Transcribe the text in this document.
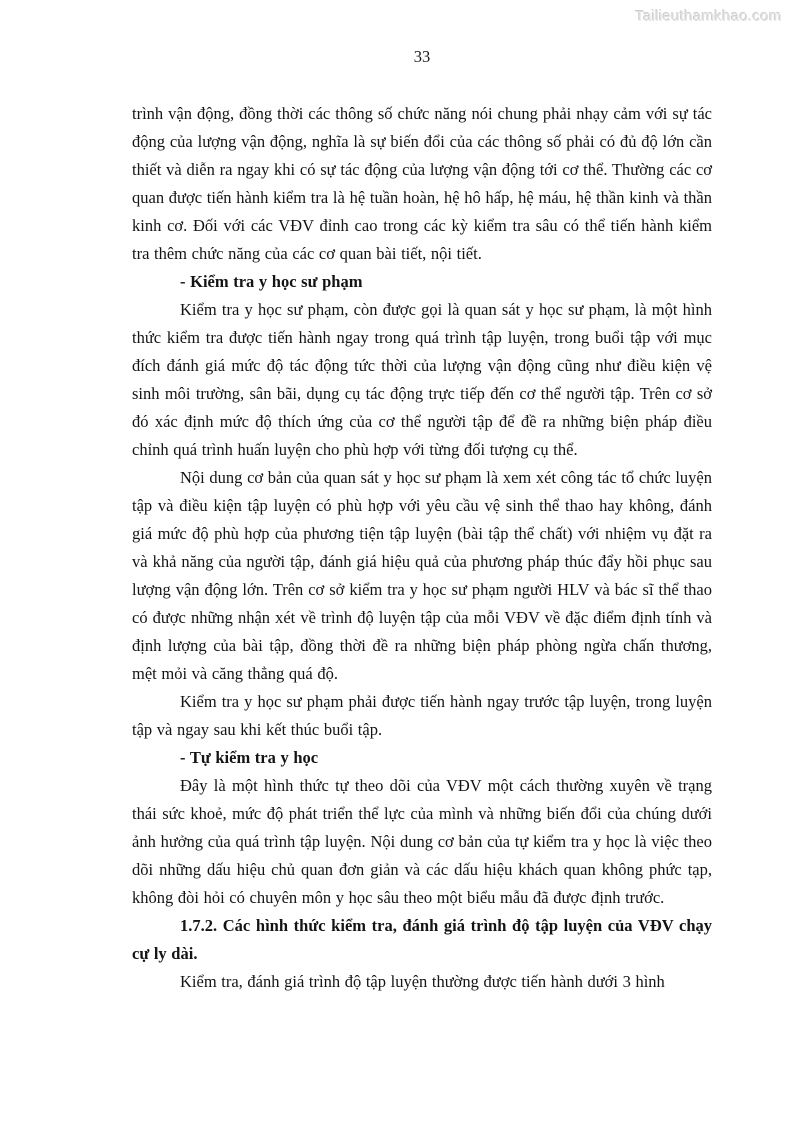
Tailieuthamkhao.com
33

trình vận động, đồng thời các thông số chức năng nói chung phải nhạy cảm với sự tác động của lượng vận động, nghĩa là sự biến đổi của các thông số phải có đủ độ lớn cần thiết và diễn ra ngay khi có sự tác động của lượng vận động tới cơ thể. Thường các cơ quan được tiến hành kiểm tra là hệ tuần hoàn, hệ hô hấp, hệ máu, hệ thần kinh và thần kinh cơ. Đối với các VĐV đỉnh cao trong các kỳ kiểm tra sâu có thể tiến hành kiểm tra thêm chức năng của các cơ quan bài tiết, nội tiết.

- Kiểm tra y học sư phạm

Kiểm tra y học sư phạm, còn được gọi là quan sát y học sư phạm, là một hình thức kiểm tra được tiến hành ngay trong quá trình tập luyện, trong buổi tập với mục đích đánh giá mức độ tác động tức thời của lượng vận động cũng như điều kiện vệ sinh môi trường, sân bãi, dụng cụ tác động trực tiếp đến cơ thể người tập. Trên cơ sở đó xác định mức độ thích ứng của cơ thể người tập để đề ra những biện pháp điều chỉnh quá trình huấn luyện cho phù hợp với từng đối tượng cụ thể.

Nội dung cơ bản của quan sát y học sư phạm là xem xét công tác tổ chức luyện tập và điều kiện tập luyện có phù hợp với yêu cầu vệ sinh thể thao hay không, đánh giá mức độ phù hợp của phương tiện tập luyện (bài tập thể chất) với nhiệm vụ đặt ra và khả năng của người tập, đánh giá hiệu quả của phương pháp thúc đẩy hồi phục sau lượng vận động lớn. Trên cơ sở kiểm tra y học sư phạm người HLV và bác sĩ thể thao có được những nhận xét về trình độ luyện tập của mỗi VĐV về đặc điểm định tính và định lượng của bài tập, đồng thời đề ra những biện pháp phòng ngừa chấn thương, mệt mỏi và căng thẳng quá độ.

Kiểm tra y học sư phạm phải được tiến hành ngay trước tập luyện, trong luyện tập và ngay sau khi kết thúc buổi tập.

- Tự kiểm tra y học

Đây là một hình thức tự theo dõi của VĐV một cách thường xuyên về trạng thái sức khoẻ, mức độ phát triển thể lực của mình và những biến đổi của chúng dưới ảnh hưởng của quá trình tập luyện. Nội dung cơ bản của tự kiểm tra y học là việc theo dõi những dấu hiệu chủ quan đơn giản và các dấu hiệu khách quan không phức tạp, không đòi hỏi có chuyên môn y học sâu theo một biểu mẫu đã được định trước.

1.7.2. Các hình thức kiểm tra, đánh giá trình độ tập luyện của VĐV chạy cự ly dài.

Kiểm tra, đánh giá trình độ tập luyện thường được tiến hành dưới 3 hình
